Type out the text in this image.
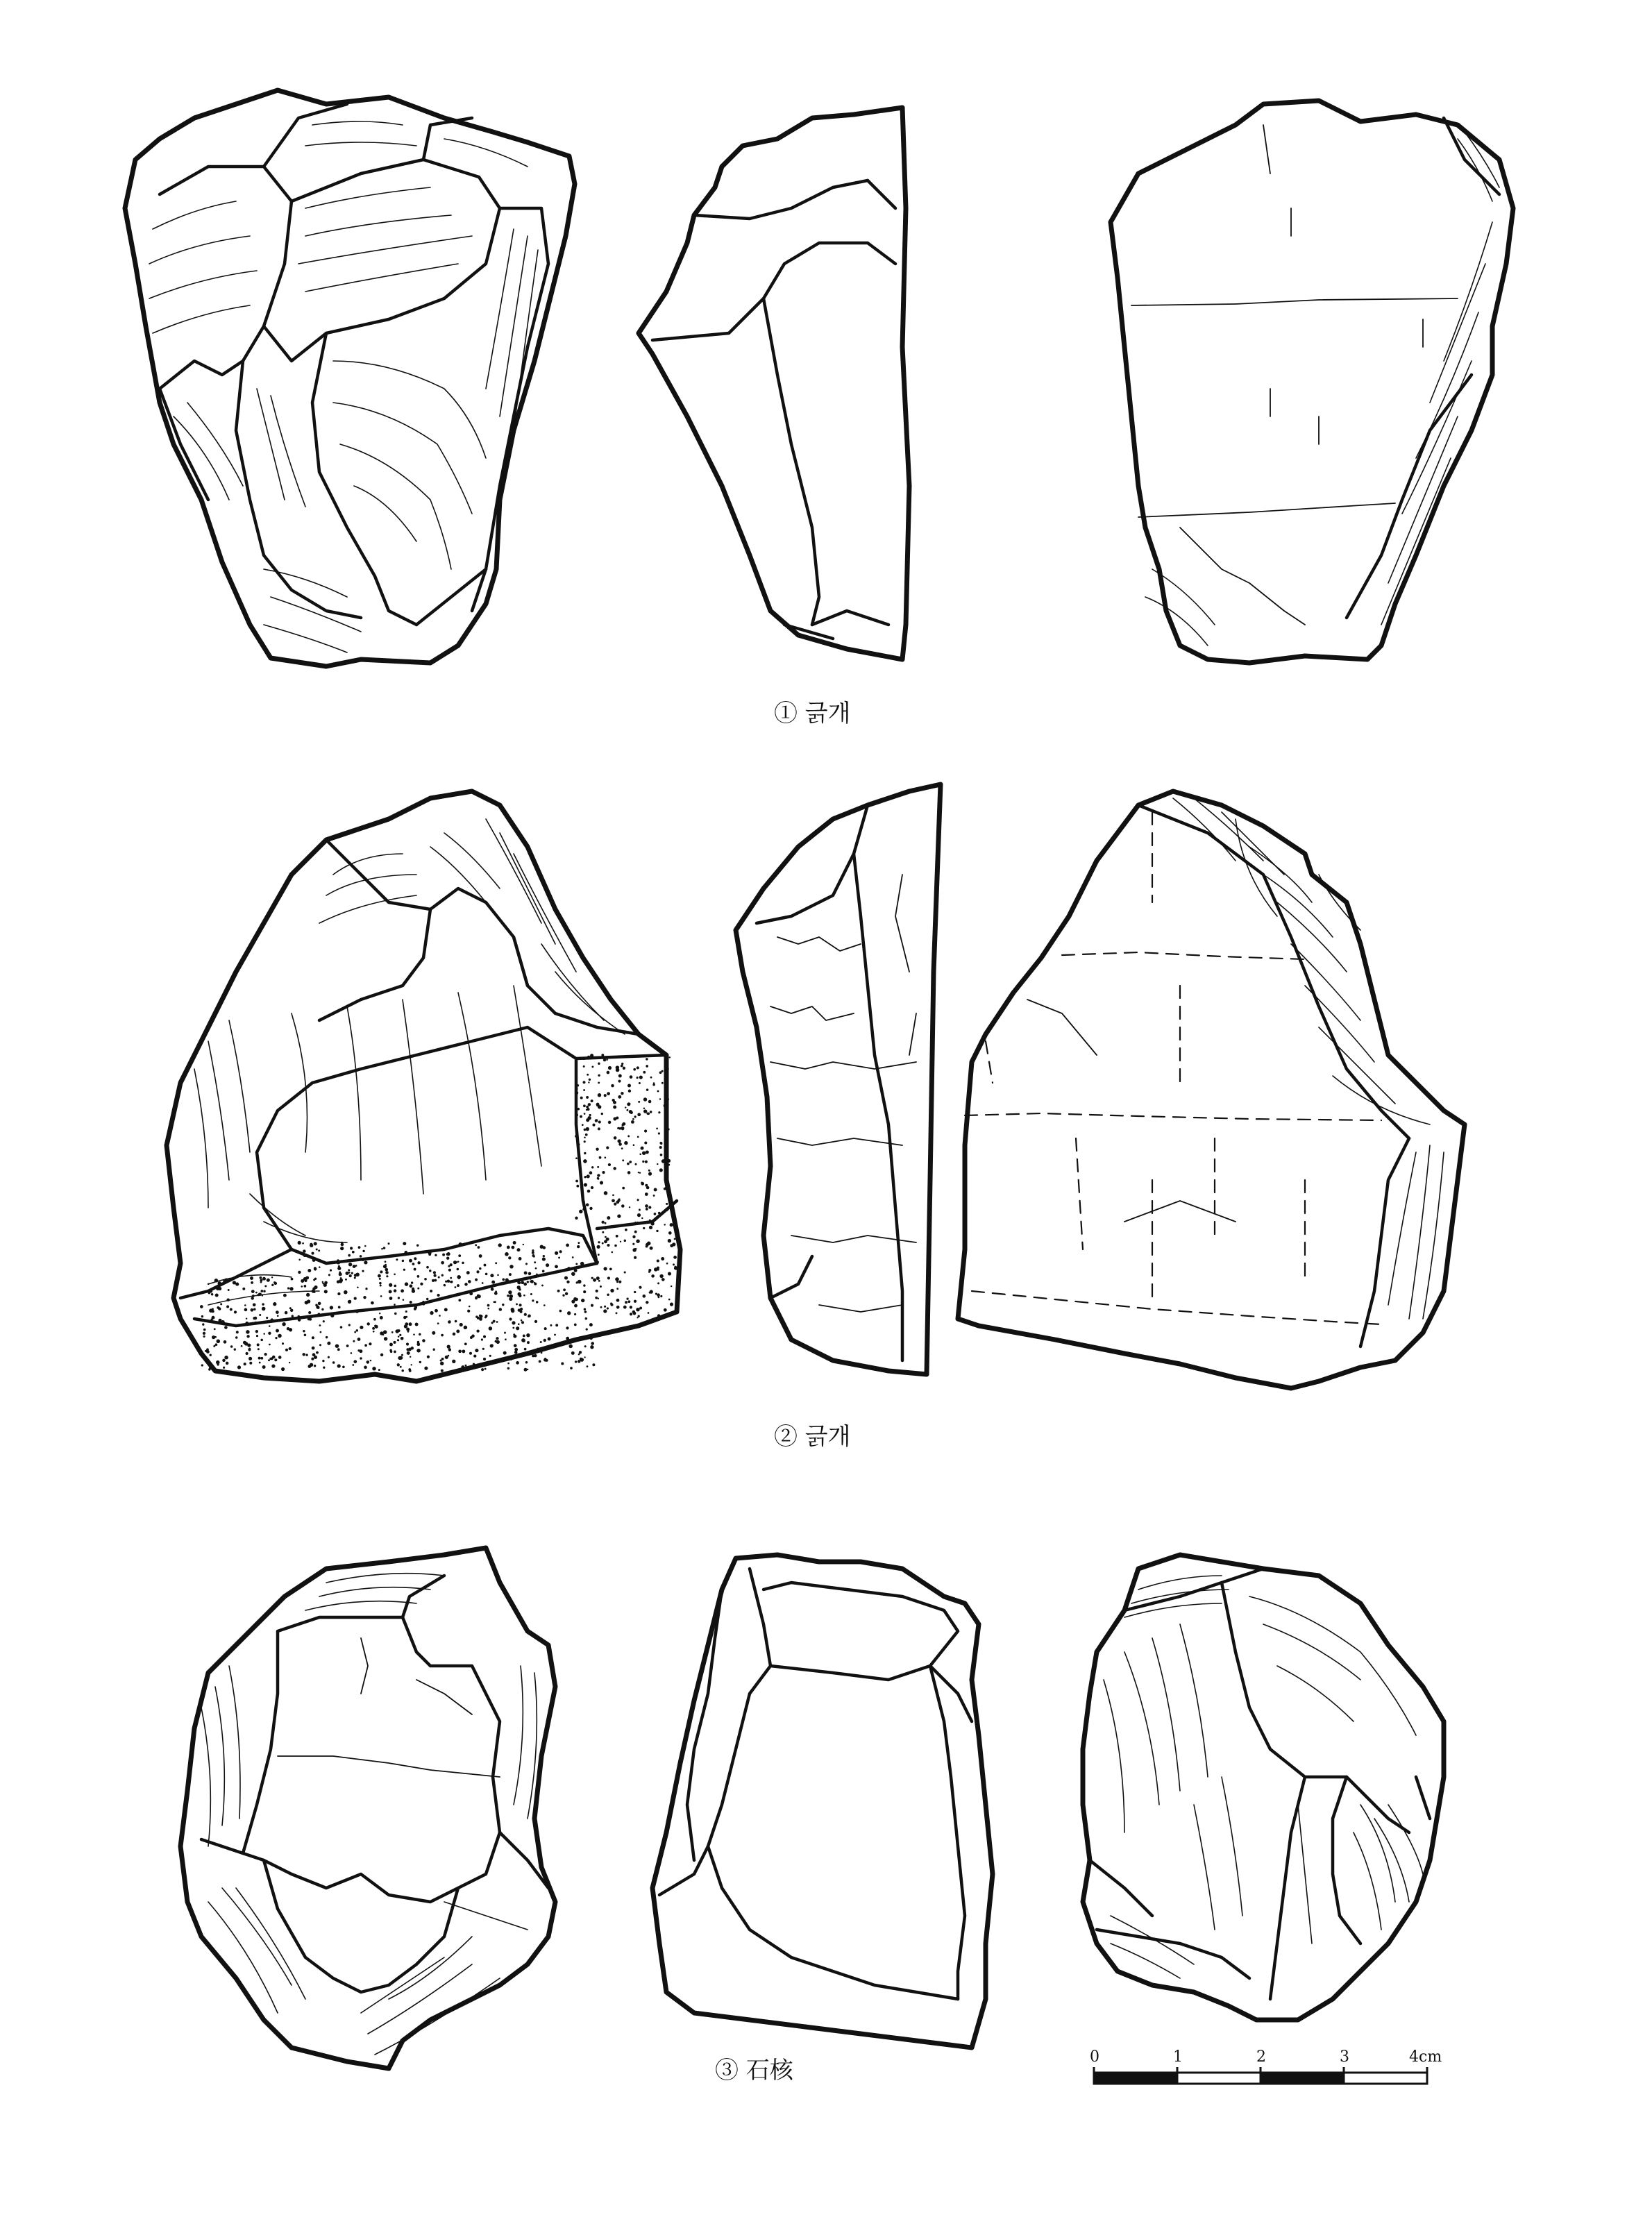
0	1	2	3	4cm
① 긁개
② 긁개
③ 石核
